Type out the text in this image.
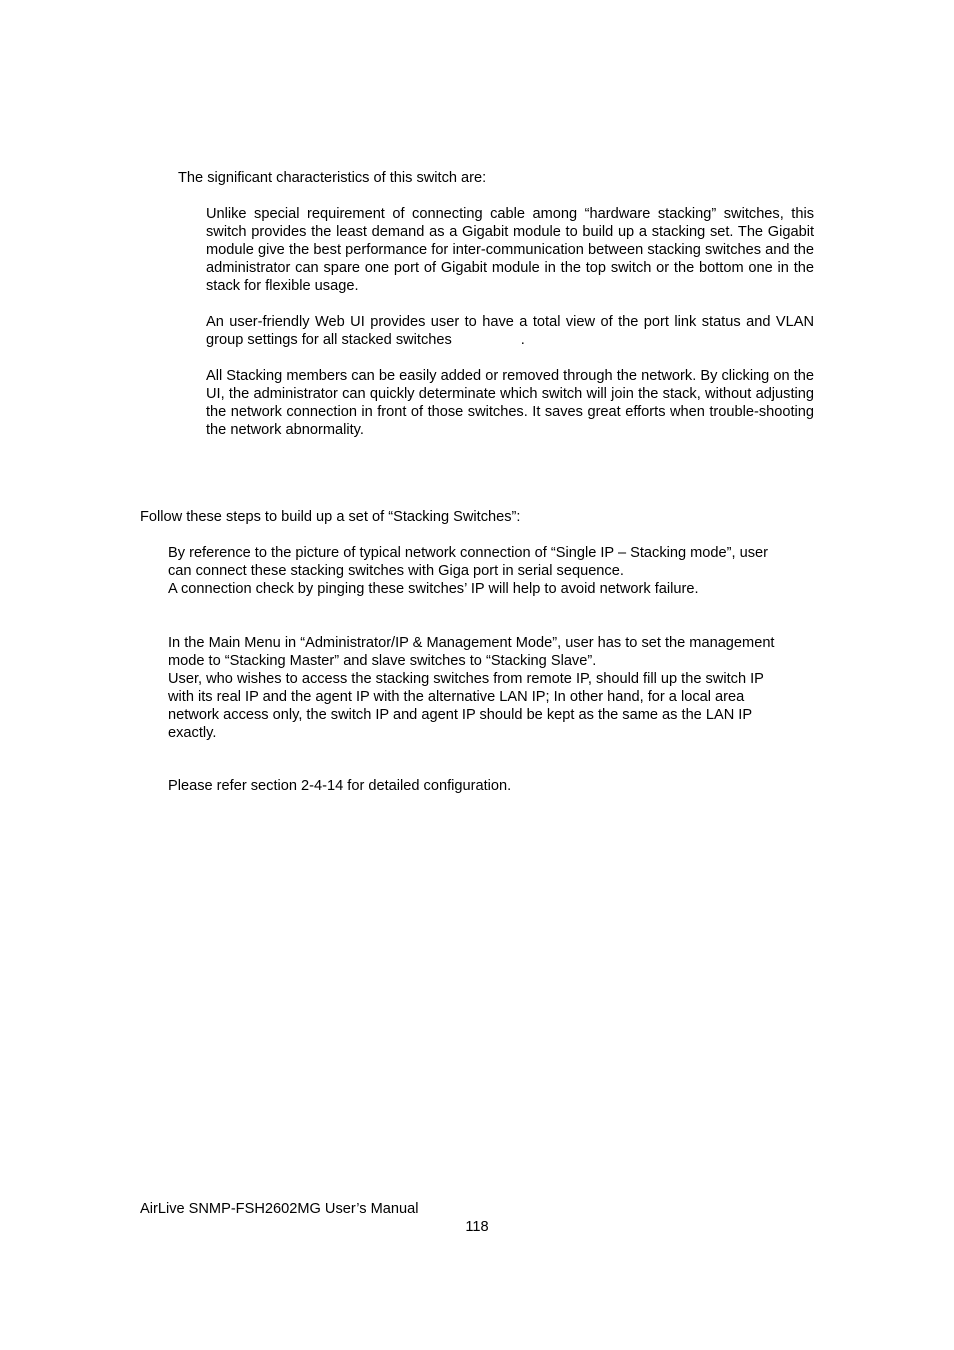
The significant characteristics of this switch are:

Unlike special requirement of connecting cable among “hardware stacking” switches, this switch provides the least demand as a Gigabit module to build up a stacking set. The Gigabit module give the best performance for inter-communication between stacking switches and the administrator can spare one port of Gigabit module in the top switch or the bottom one in the stack for flexible usage.

An user-friendly Web UI provides user to have a total view of the port link status and VLAN group settings for all stacked switches                 .

All Stacking members can be easily added or removed through the network. By clicking on the UI, the administrator can quickly determinate which switch will join the stack, without adjusting the network connection in front of those switches. It saves great efforts when trouble-shooting the network abnormality.

Follow these steps to build up a set of “Stacking Switches”:

By reference to the picture of typical network connection of “Single IP – Stacking mode”, user
can connect these stacking switches with Giga port in serial sequence.
A connection check by pinging these switches’ IP will help to avoid network failure.
In the Main Menu in “Administrator/IP & Management Mode”, user has to set the management
mode to “Stacking Master” and slave switches to “Stacking Slave”.
User, who wishes to access the stacking switches from remote IP, should fill up the switch IP
with its real IP and the agent IP with the alternative LAN IP; In other hand, for a local area
network access only, the switch IP and agent IP should be kept as the same as the LAN IP
exactly.

Please refer section 2-4-14 for detailed configuration.

AirLive SNMP-FSH2602MG User’s Manual
118
